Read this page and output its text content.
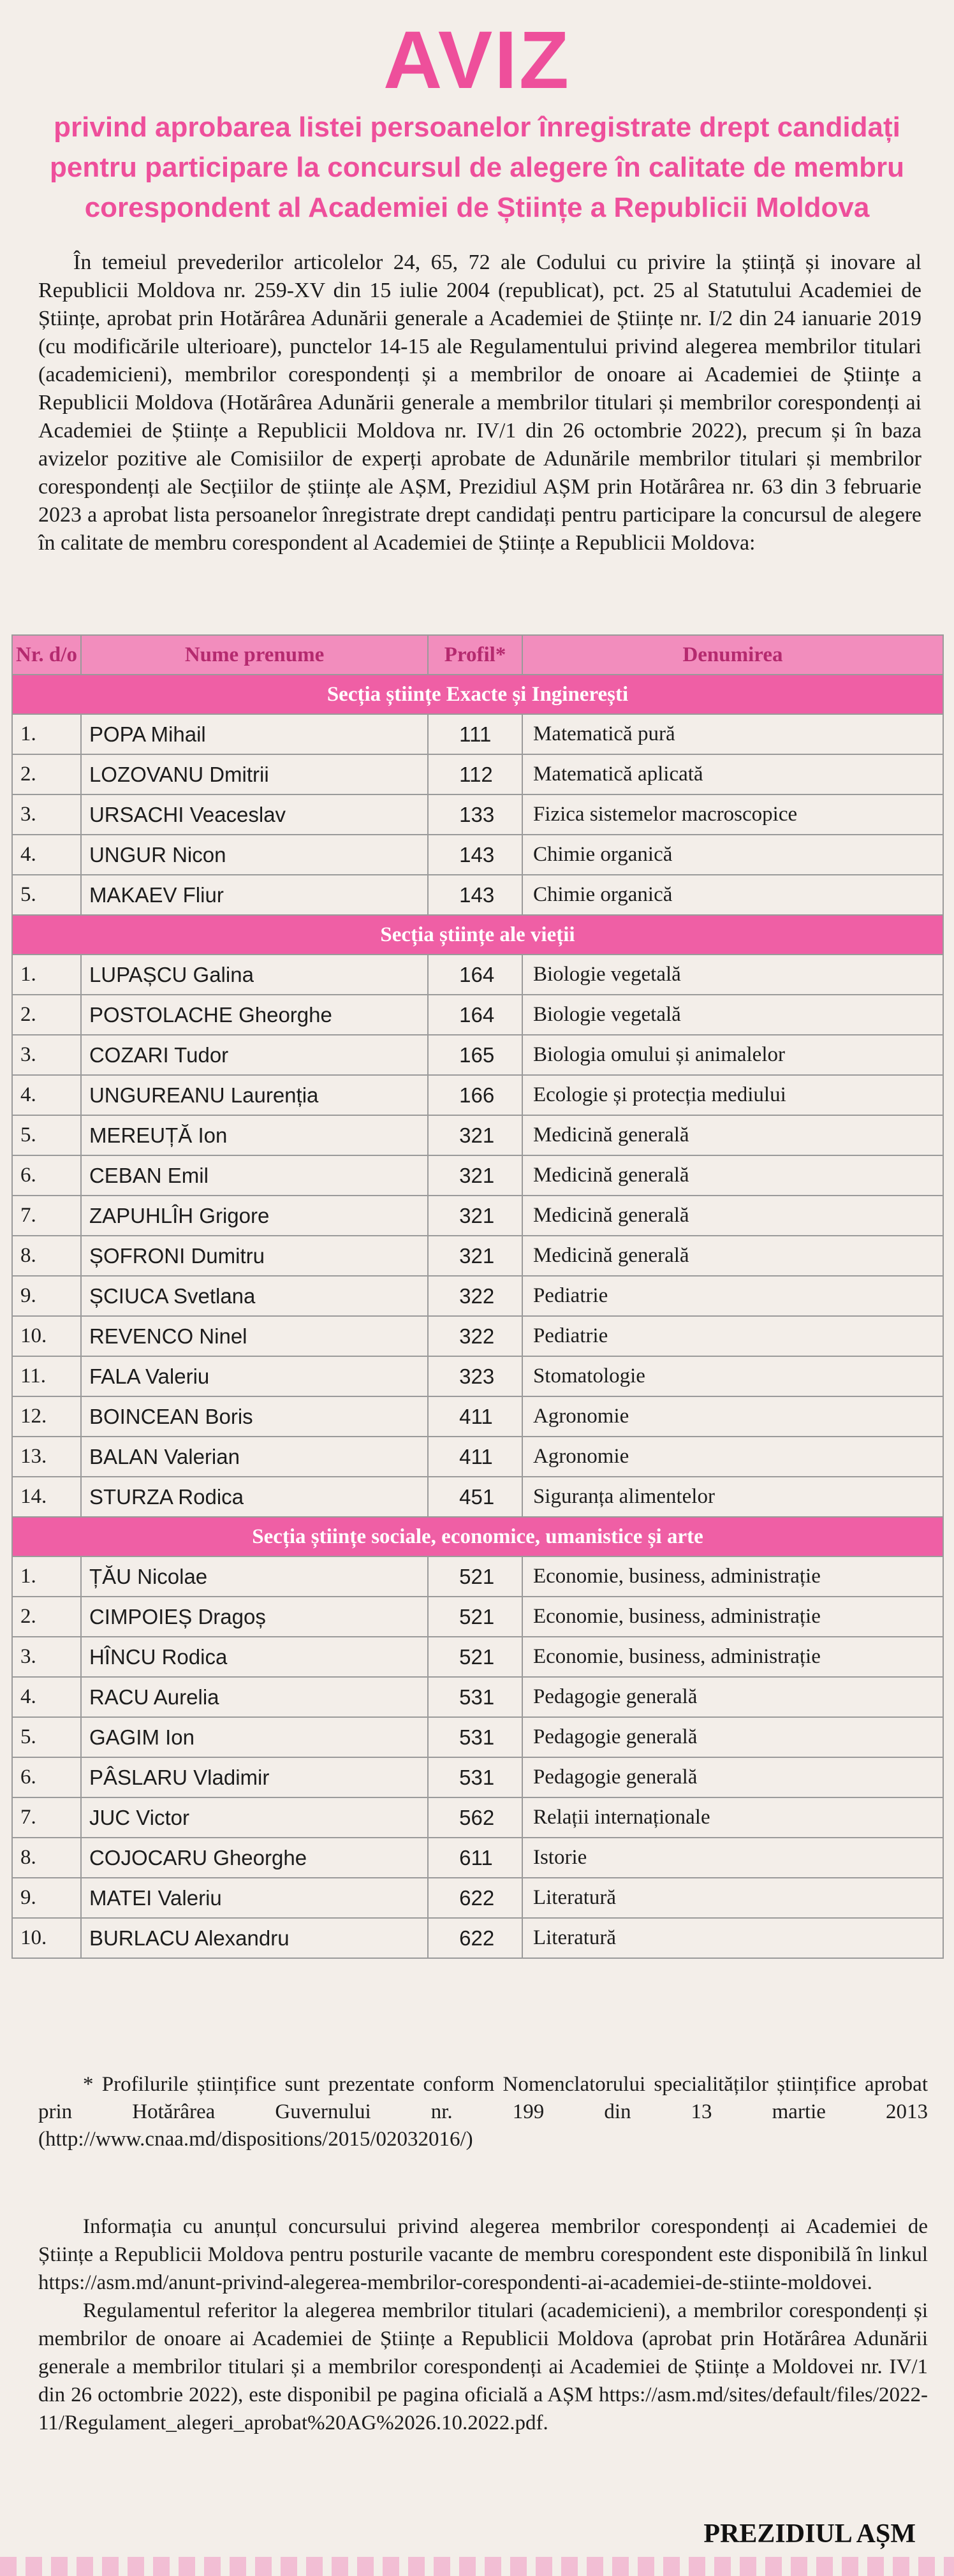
AVIZ
privind aprobarea listei persoanelor înregistrate drept candidați pentru participare la concursul de alegere în calitate de membru corespondent al Academiei de Științe a Republicii Moldova
În temeiul prevederilor articolelor 24, 65, 72 ale Codului cu privire la știință și inovare al Republicii Moldova nr. 259-XV din 15 iulie 2004 (republicat), pct. 25 al Statutului Academiei de Științe, aprobat prin Hotărârea Adunării generale a Academiei de Științe nr. I/2 din 24 ianuarie 2019 (cu modificările ulterioare), punctelor 14-15 ale Regulamentului privind alegerea membrilor titulari (academicieni), membrilor corespondenți și a membrilor de onoare ai Academiei de Științe a Republicii Moldova (Hotărârea Adunării generale a membrilor titulari și membrilor corespondenți ai Academiei de Științe a Republicii Moldova nr. IV/1 din 26 octombrie 2022), precum și în baza avizelor pozitive ale Comisiilor de experți aprobate de Adunările membrilor titulari și membrilor corespondenți ale Secțiilor de științe ale AȘM, Prezidiul AȘM prin Hotărârea nr. 63 din 3 februarie 2023 a aprobat lista persoanelor înregistrate drept candidați pentru participare la concursul de alegere în calitate de membru corespondent al Academiei de Științe a Republicii Moldova:
Nr. d/o	Nume prenume	Profil*	Denumirea
Secția științe Exacte și Inginerești			
1.	POPA Mihail	111	Matematică pură
2.	LOZOVANU Dmitrii	112	Matematică aplicată
3.	URSACHI Veaceslav	133	Fizica sistemelor macroscopice
4.	UNGUR Nicon	143	Chimie organică
5.	MAKAEV Fliur	143	Chimie organică
Secția științe ale vieții			
1.	LUPAȘCU Galina	164	Biologie vegetală
2.	POSTOLACHE Gheorghe	164	Biologie vegetală
3.	COZARI Tudor	165	Biologia omului și animalelor
4.	UNGUREANU Laurenția	166	Ecologie și protecția mediului
5.	MEREUȚĂ Ion	321	Medicină generală
6.	CEBAN Emil	321	Medicină generală
7.	ZAPUHLÎH Grigore	321	Medicină generală
8.	ȘOFRONI Dumitru	321	Medicină generală
9.	ȘCIUCA Svetlana	322	Pediatrie
10.	REVENCO Ninel	322	Pediatrie
11.	FALA Valeriu	323	Stomatologie
12.	BOINCEAN Boris	411	Agronomie
13.	BALAN Valerian	411	Agronomie
14.	STURZA Rodica	451	Siguranța alimentelor
Secția științe sociale, economice, umanistice și arte			
1.	ȚĂU Nicolae	521	Economie, business, administrație
2.	CIMPOIEȘ Dragoș	521	Economie, business, administrație
3.	HÎNCU Rodica	521	Economie, business, administrație
4.	RACU Aurelia	531	Pedagogie generală
5.	GAGIM Ion	531	Pedagogie generală
6.	PÂSLARU Vladimir	531	Pedagogie generală
7.	JUC Victor	562	Relații internaționale
8.	COJOCARU Gheorghe	611	Istorie
9.	MATEI Valeriu	622	Literatură
10.	BURLACU Alexandru	622	Literatură
* Profilurile științifice sunt prezentate conform Nomenclatorului specialităților științifice aprobat prin Hotărârea Guvernului nr. 199 din 13 martie 2013 (http://www.cnaa.md/dispositions/2015/02032016/)

Informația cu anunțul concursului privind alegerea membrilor corespondenți ai Academiei de Științe a Republicii Moldova pentru posturile vacante de membru corespondent este disponibilă în linkul https://asm.md/anunt-privind-alegerea-membrilor-corespondenti-ai-academiei-de-stiinte-moldovei.

Regulamentul referitor la alegerea membrilor titulari (academicieni), a membrilor corespondenți și membrilor de onoare ai Academiei de Științe a Republicii Moldova (aprobat prin Hotărârea Adunării generale a membrilor titulari și a membrilor corespondenți ai Academiei de Științe a Moldovei nr. IV/1 din 26 octombrie 2022), este disponibil pe pagina oficială a AȘM https://asm.md/sites/default/files/2022-11/Regulament_alegeri_aprobat%20AG%2026.10.2022.pdf.

PREZIDIUL AȘM
